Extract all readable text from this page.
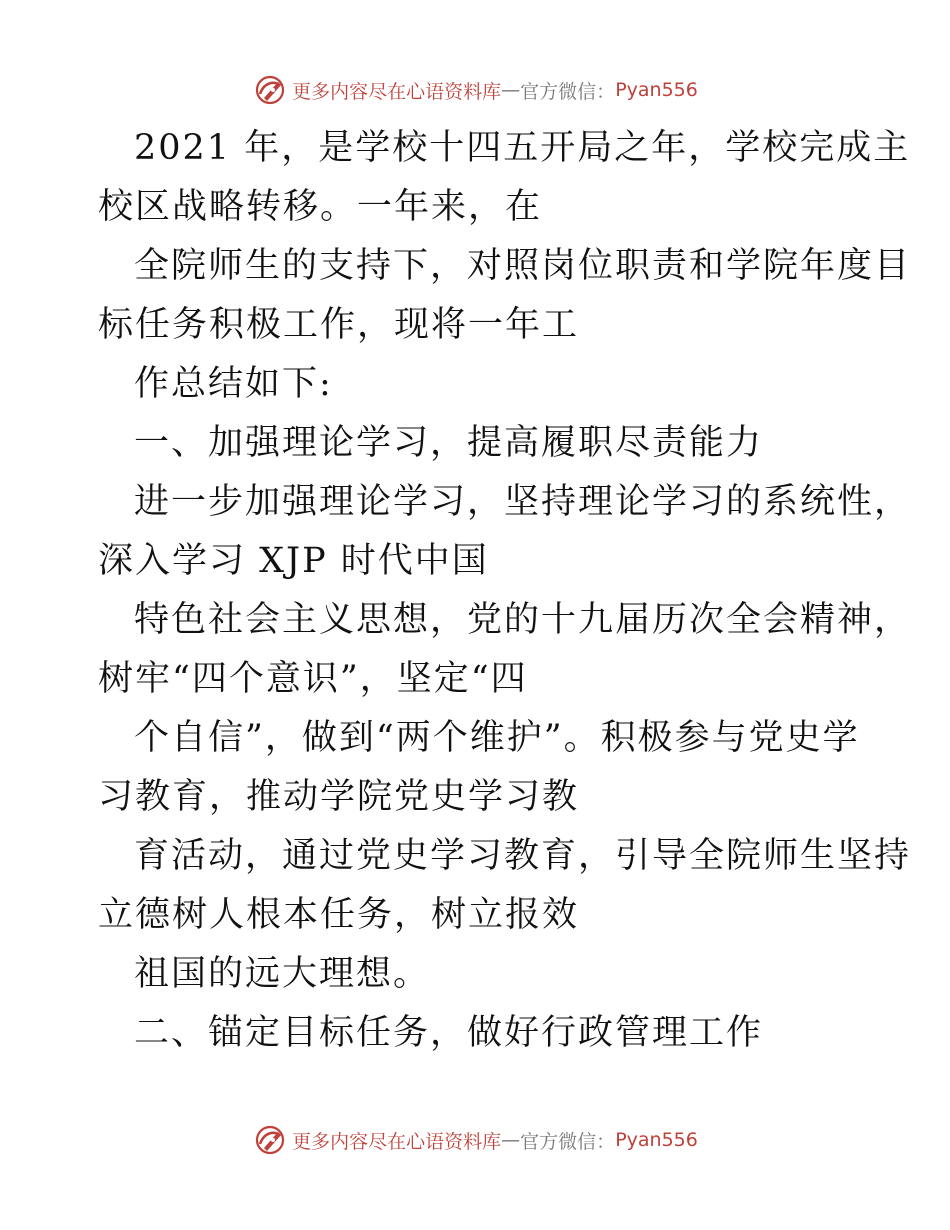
更多内容尽在心语资料库 — 官方微信： Pyan556
2021 年，是学校十四五开局之年，学校完成主
校区战略转移。一年来，在
全院师生的支持下，对照岗位职责和学院年度目
标任务积极工作，现将一年工
作总结如下:
一、加强理论学习，提高履职尽责能力
进一步加强理论学习，坚持理论学习的系统性，
深入学习 XJP 时代中国
特色社会主义思想，党的十九届历次全会精神，
树牢“四个意识”，坚定“四
个自信”，做到“两个维护”。积极参与党史学
习教育，推动学院党史学习教
育活动，通过党史学习教育，引导全院师生坚持
立德树人根本任务，树立报效
祖国的远大理想。
二、锚定目标任务，做好行政管理工作
更多内容尽在心语资料库 — 官方微信： Pyan556
